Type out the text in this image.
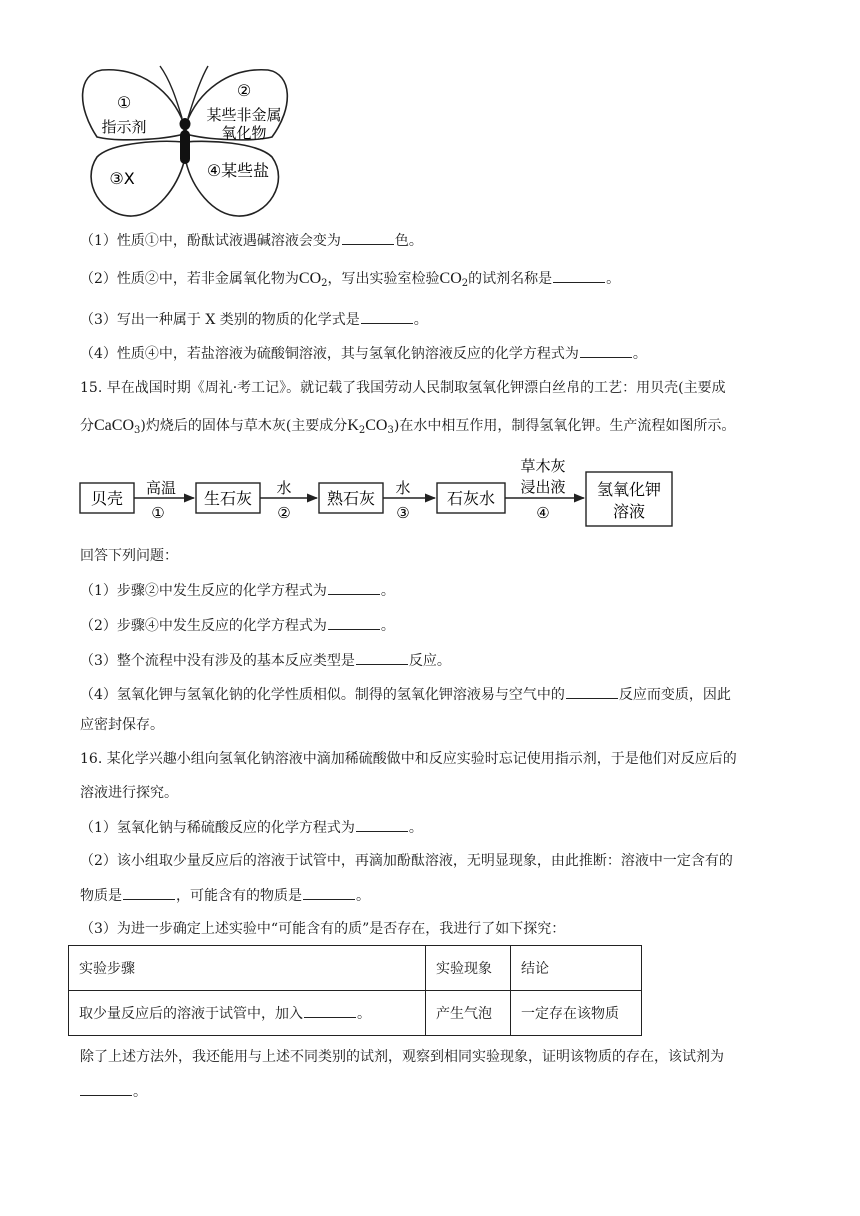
①
指示剂
②
某些非金属
氧化物
③X	④某些盐
（1）性质①中，酚酞试液遇碱溶液会变为	色。
（2）性质②中，若非金属氧化物为$CO_2$，写出实验室检验$CO_2$的试剂名称是	。
（3）写出一种属于 X 类别的物质的化学式是	。
（4）性质④中，若盐溶液为硫酸铜溶液，其与氢氧化钠溶液反应的化学方程式为	。
15. 早在战国时期《周礼·考工记》。就记载了我国劳动人民制取氢氧化钾漂白丝帛的工艺：用贝壳(主要成
分CaCO$_3$)灼烧后的固体与草木灰(主要成分$K_2CO_3$)在水中相互作用，制得氢氧化钾。生产流程如图所示。
贝壳
高温
①
生石灰
水
②
熟石灰
水
③
石灰水
草木灰
浸出液
④
氢氧化钾
溶液
回答下列问题：
（1）步骤②中发生反应的化学方程式为	。
（2）步骤④中发生反应的化学方程式为	。
（3）整个流程中没有涉及的基本反应类型是	反应。
（4）氢氧化钾与氢氧化钠的化学性质相似。制得的氢氧化钾溶液易与空气中的	反应而变质，因此
应密封保存。
16. 某化学兴趣小组向氢氧化钠溶液中滴加稀硫酸做中和反应实验时忘记使用指示剂，于是他们对反应后的
溶液进行探究。
（1）氢氧化钠与稀硫酸反应的化学方程式为	。
（2）该小组取少量反应后的溶液于试管中，再滴加酚酞溶液，无明显现象，由此推断：溶液中一定含有的
物质是	，可能含有的物质是	。
（3）为进一步确定上述实验中“可能含有的质”是否存在，我进行了如下探究：
实验步骤	实验现象	结论
取少量反应后的溶液于试管中，加入 。	产生气泡	一定存在该物质
除了上述方法外，我还能用与上述不同类别的试剂，观察到相同实验现象，证明该物质的存在，该试剂为
。
